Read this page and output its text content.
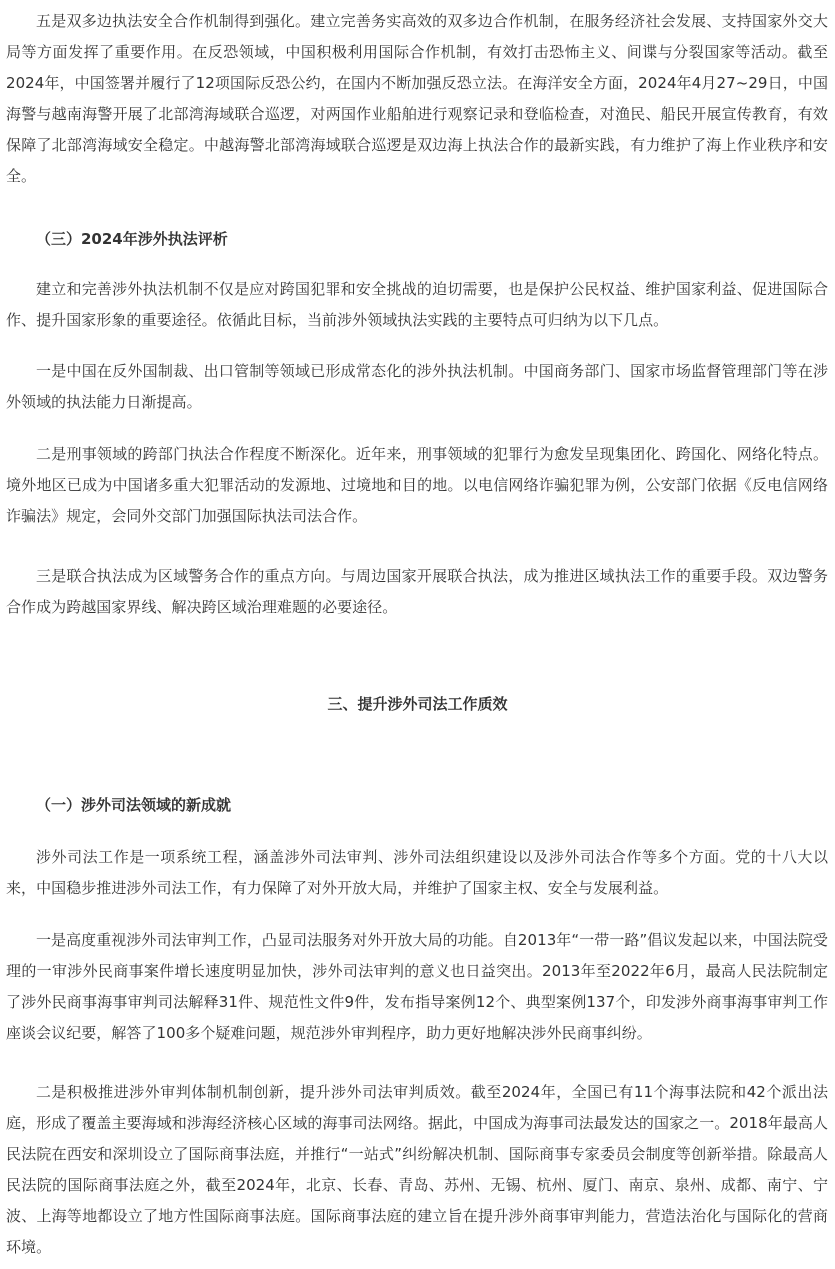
五是双多边执法安全合作机制得到强化。建立完善务实高效的双多边合作机制，在服务经济社会发展、支持国家外交大局等方面发挥了重要作用。在反恐领域，中国积极利用国际合作机制，有效打击恐怖主义、间谍与分裂国家等活动。截至2024年，中国签署并履行了12项国际反恐公约，在国内不断加强反恐立法。在海洋安全方面，2024年4月27~29日，中国海警与越南海警开展了北部湾海域联合巡逻，对两国作业船舶进行观察记录和登临检查，对渔民、船民开展宣传教育，有效保障了北部湾海域安全稳定。中越海警北部湾海域联合巡逻是双边海上执法合作的最新实践，有力维护了海上作业秩序和安全。

（三）2024年涉外执法评析

建立和完善涉外执法机制不仅是应对跨国犯罪和安全挑战的迫切需要，也是保护公民权益、维护国家利益、促进国际合作、提升国家形象的重要途径。依循此目标，当前涉外领域执法实践的主要特点可归纳为以下几点。

一是中国在反外国制裁、出口管制等领域已形成常态化的涉外执法机制。中国商务部门、国家市场监督管理部门等在涉外领域的执法能力日渐提高。

二是刑事领域的跨部门执法合作程度不断深化。近年来，刑事领域的犯罪行为愈发呈现集团化、跨国化、网络化特点。境外地区已成为中国诸多重大犯罪活动的发源地、过境地和目的地。以电信网络诈骗犯罪为例，公安部门依据《反电信网络诈骗法》规定，会同外交部门加强国际执法司法合作。

三是联合执法成为区域警务合作的重点方向。与周边国家开展联合执法，成为推进区域执法工作的重要手段。双边警务合作成为跨越国家界线、解决跨区域治理难题的必要途径。

三、提升涉外司法工作质效

（一）涉外司法领域的新成就

涉外司法工作是一项系统工程，涵盖涉外司法审判、涉外司法组织建设以及涉外司法合作等多个方面。党的十八大以来，中国稳步推进涉外司法工作，有力保障了对外开放大局，并维护了国家主权、安全与发展利益。

一是高度重视涉外司法审判工作，凸显司法服务对外开放大局的功能。自2013年“一带一路”倡议发起以来，中国法院受理的一审涉外民商事案件增长速度明显加快，涉外司法审判的意义也日益突出。2013年至2022年6月，最高人民法院制定了涉外民商事海事审判司法解释31件、规范性文件9件，发布指导案例12个、典型案例137个，印发涉外商事海事审判工作座谈会议纪要，解答了100多个疑难问题，规范涉外审判程序，助力更好地解决涉外民商事纠纷。

二是积极推进涉外审判体制机制创新，提升涉外司法审判质效。截至2024年，全国已有11个海事法院和42个派出法庭，形成了覆盖主要海域和涉海经济核心区域的海事司法网络。据此，中国成为海事司法最发达的国家之一。2018年最高人民法院在西安和深圳设立了国际商事法庭，并推行“一站式”纠纷解决机制、国际商事专家委员会制度等创新举措。除最高人民法院的国际商事法庭之外，截至2024年，北京、长春、青岛、苏州、无锡、杭州、厦门、南京、泉州、成都、南宁、宁波、上海等地都设立了地方性国际商事法庭。国际商事法庭的建立旨在提升涉外商事审判能力，营造法治化与国际化的营商环境。
